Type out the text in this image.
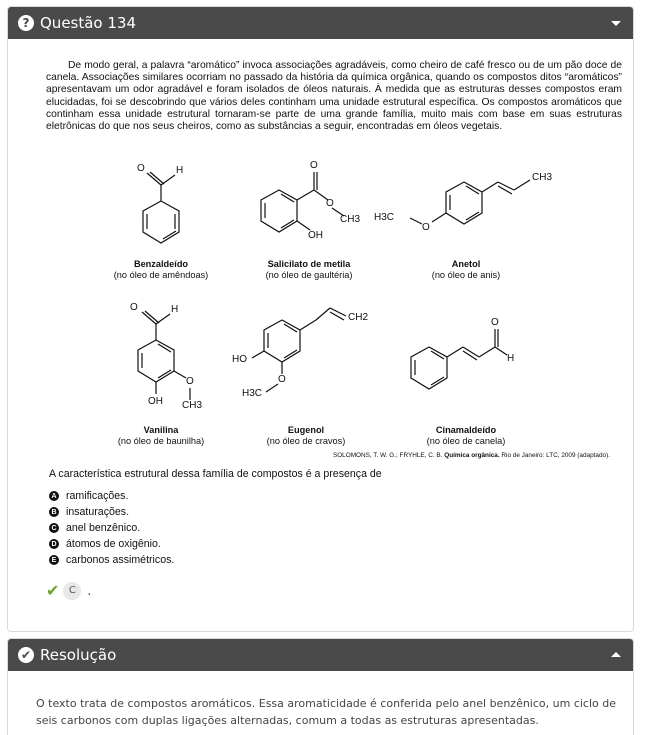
? Questão 134

De modo geral, a palavra “aromático” invoca associações agradáveis, como cheiro de café fresco ou de um pão doce de canela. Associações similares ocorriam no passado da história da química orgânica, quando os compostos ditos “aromáticos” apresentavam um odor agradável e foram isolados de óleos naturais. À medida que as estruturas desses compostos eram elucidadas, foi se descobrindo que vários deles continham uma unidade estrutural específica. Os compostos aromáticos que continham essa unidade estrutural tornaram-se parte de uma grande família, muito mais com base em suas estruturas eletrônicas do que nos seus cheiros, como as substâncias a seguir, encontradas em óleos vegetais.

O	H
Benzaldeído
(no óleo de amêndoas)
O
O
CH3
OH
Salicilato de metila
(no óleo de gaultéria)
H3C
O
CH3
Anetol
(no óleo de anis)
O	H
O
OH CH3
Vanilina
(no óleo de baunilha)
CH2
HO
O
H3C
Eugenol
(no óleo de cravos)
O
H
Cinamaldeído
(no óleo de canela)
SOLOMONS, T. W. G.; FRYHLE, C. B. Química orgânica. Rio de Janeiro: LTC, 2009 (adaptado).
A característica estrutural dessa família de compostos é a presença de
A ramificações.
B insaturações.
C anel benzênico.
D átomos de oxigênio.
E carbonos assimétricos.
✔ C .
✔ Resolução
O texto trata de compostos aromáticos. Essa aromaticidade é conferida pelo anel benzênico, um ciclo de seis carbonos com duplas ligações alternadas, comum a todas as estruturas apresentadas.
